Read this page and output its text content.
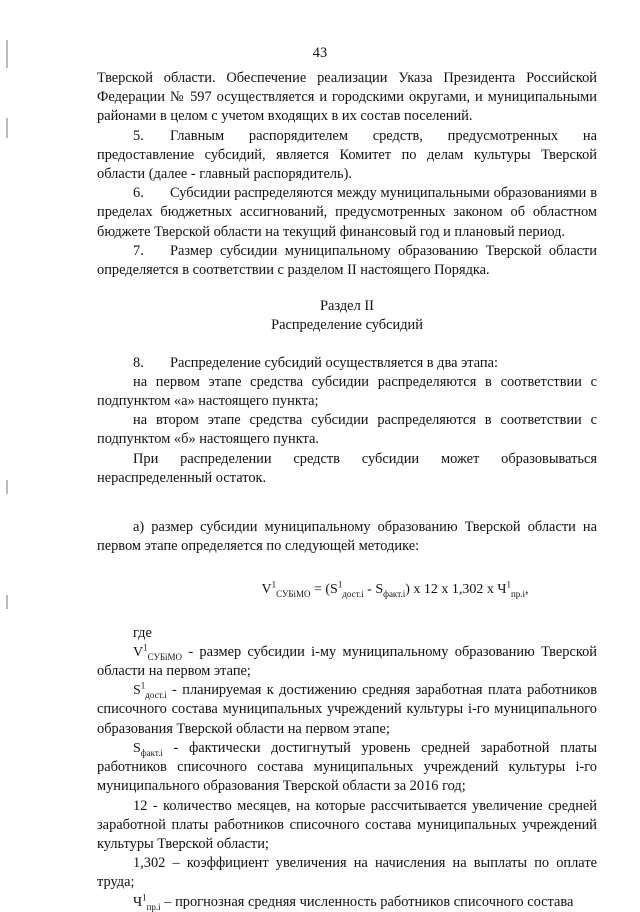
43

Тверской области. Обеспечение реализации Указа Президента Российской Федерации № 597 осуществляется и городскими округами, и муниципальными районами в целом с учетом входящих в их состав поселений.

5. Главным распорядителем средств, предусмотренных на предоставление субсидий, является Комитет по делам культуры Тверской области (далее - главный распорядитель).

6. Субсидии распределяются между муниципальными образованиями в пределах бюджетных ассигнований, предусмотренных законом об областном бюджете Тверской области на текущий финансовый год и плановый период.

7. Размер субсидии муниципальному образованию Тверской области определяется в соответствии с разделом II настоящего Порядка.

Раздел II

Распределение субсидий

8. Распределение субсидий осуществляется в два этапа:

на первом этапе средства субсидии распределяются в соответствии с подпунктом «а» настоящего пункта;

на втором этапе средства субсидии распределяются в соответствии с подпунктом «б» настоящего пункта.

При распределении средств субсидии может образовываться нераспределенный остаток.

а) размер субсидии муниципальному образованию Тверской области на первом этапе определяется по следующей методике:

$V^1_{СУБiМО} = (S^1_{дост.i} - S_{факт.i})$ х 12 х 1,302 х $Ч^1_{пр.i}$,

где

$V^1_{СУБiМО}$ - размер субсидии i-му муниципальному образованию Тверской области на первом этапе;

$S^1_{дост.i}$ - планируемая к достижению средняя заработная плата работников списочного состава муниципальных учреждений культуры i-го муниципального образования Тверской области на первом этапе;

$S_{факт.i}$ - фактически достигнутый уровень средней заработной платы работников списочного состава муниципальных учреждений культуры i-го муниципального образования Тверской области за 2016 год;

12 - количество месяцев, на которые рассчитывается увеличение средней заработной платы работников списочного состава муниципальных учреждений культуры Тверской области;

1,302 – коэффициент увеличения на начисления на выплаты по оплате труда;

$Ч^1_{пр.i}$ – прогнозная средняя численность работников списочного состава
